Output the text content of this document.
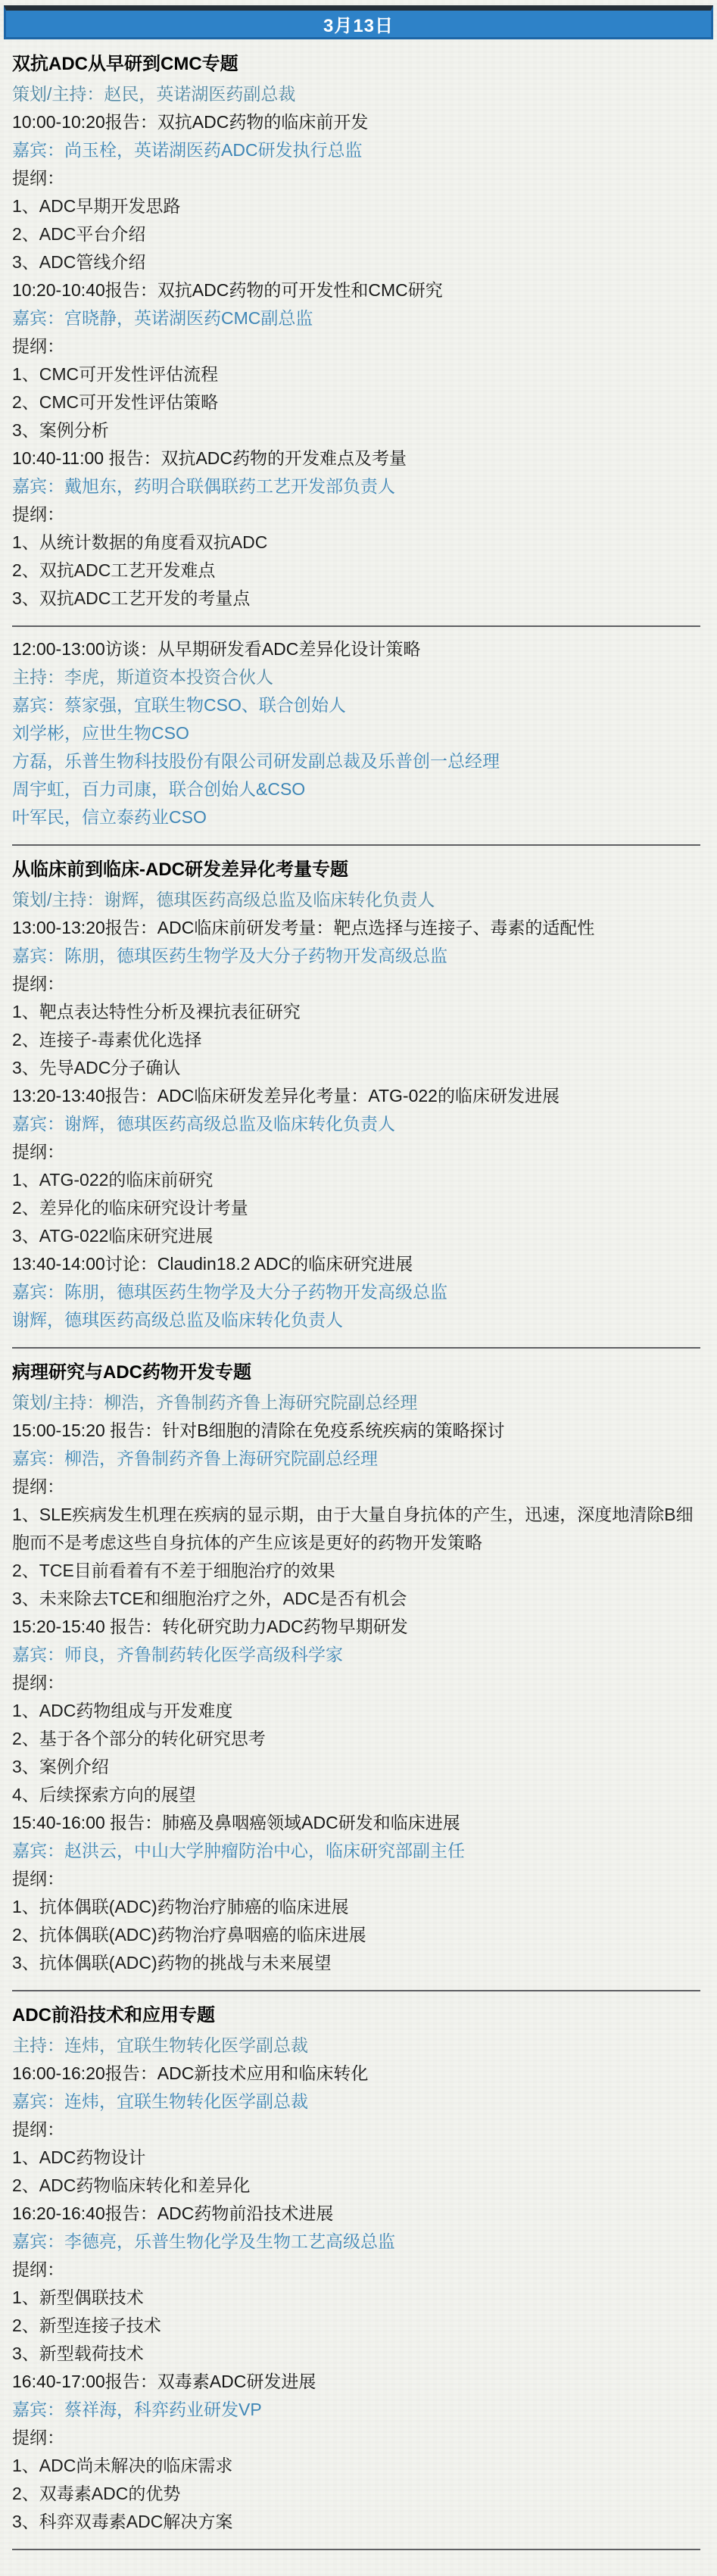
3月13日
双抗ADC从早研到CMC专题

策划/主持：赵民，英诺湖医药副总裁

10:00-10:20报告：双抗ADC药物的临床前开发

嘉宾：尚玉栓，英诺湖医药ADC研发执行总监

提纲：

1、ADC早期开发思路

2、ADC平台介绍

3、ADC管线介绍

10:20-10:40报告：双抗ADC药物的可开发性和CMC研究

嘉宾：宫晓静，英诺湖医药CMC副总监

提纲：

1、CMC可开发性评估流程

2、CMC可开发性评估策略

3、案例分析

10:40-11:00 报告：双抗ADC药物的开发难点及考量

嘉宾：戴旭东，药明合联偶联药工艺开发部负责人

提纲：

1、从统计数据的角度看双抗ADC

2、双抗ADC工艺开发难点

3、双抗ADC工艺开发的考量点

12:00-13:00访谈：从早期研发看ADC差异化设计策略

主持：李虎，斯道资本投资合伙人

嘉宾：蔡家强，宜联生物CSO、联合创始人

刘学彬，应世生物CSO

方磊，乐普生物科技股份有限公司研发副总裁及乐普创一总经理

周宇虹，百力司康，联合创始人&CSO

叶军民，信立泰药业CSO

从临床前到临床-ADC研发差异化考量专题

策划/主持：谢辉，德琪医药高级总监及临床转化负责人

13:00-13:20报告：ADC临床前研发考量：靶点选择与连接子、毒素的适配性

嘉宾：陈朋，德琪医药生物学及大分子药物开发高级总监

提纲：

1、靶点表达特性分析及裸抗表征研究

2、连接子-毒素优化选择

3、先导ADC分子确认

13:20-13:40报告：ADC临床研发差异化考量：ATG-022的临床研发进展

嘉宾：谢辉，德琪医药高级总监及临床转化负责人

提纲：

1、ATG-022的临床前研究

2、差异化的临床研究设计考量

3、ATG-022临床研究进展

13:40-14:00讨论：Claudin18.2 ADC的临床研究进展

嘉宾：陈朋，德琪医药生物学及大分子药物开发高级总监

谢辉，德琪医药高级总监及临床转化负责人

病理研究与ADC药物开发专题

策划/主持：柳浩，齐鲁制药齐鲁上海研究院副总经理

15:00-15:20 报告：针对B细胞的清除在免疫系统疾病的策略探讨

嘉宾：柳浩，齐鲁制药齐鲁上海研究院副总经理

提纲：

1、SLE疾病发生机理在疾病的显示期，由于大量自身抗体的产生，迅速，深度地清除B细胞而不是考虑这些自身抗体的产生应该是更好的药物开发策略

2、TCE目前看着有不差于细胞治疗的效果

3、未来除去TCE和细胞治疗之外，ADC是否有机会

15:20-15:40 报告：转化研究助力ADC药物早期研发

嘉宾：师良，齐鲁制药转化医学高级科学家

提纲：

1、ADC药物组成与开发难度

2、基于各个部分的转化研究思考

3、案例介绍

4、后续探索方向的展望

15:40-16:00 报告：肺癌及鼻咽癌领域ADC研发和临床进展

嘉宾：赵洪云，中山大学肿瘤防治中心，临床研究部副主任

提纲：

1、抗体偶联(ADC)药物治疗肺癌的临床进展

2、抗体偶联(ADC)药物治疗鼻咽癌的临床进展

3、抗体偶联(ADC)药物的挑战与未来展望

ADC前沿技术和应用专题

主持：连炜，宜联生物转化医学副总裁

16:00-16:20报告：ADC新技术应用和临床转化

嘉宾：连炜，宜联生物转化医学副总裁

提纲：

1、ADC药物设计

2、ADC药物临床转化和差异化

16:20-16:40报告：ADC药物前沿技术进展

嘉宾：李德亮，乐普生物化学及生物工艺高级总监

提纲：

1、新型偶联技术

2、新型连接子技术

3、新型载荷技术

16:40-17:00报告：双毒素ADC研发进展

嘉宾：蔡祥海，科弈药业研发VP

提纲：

1、ADC尚未解决的临床需求

2、双毒素ADC的优势

3、科弈双毒素ADC解决方案
